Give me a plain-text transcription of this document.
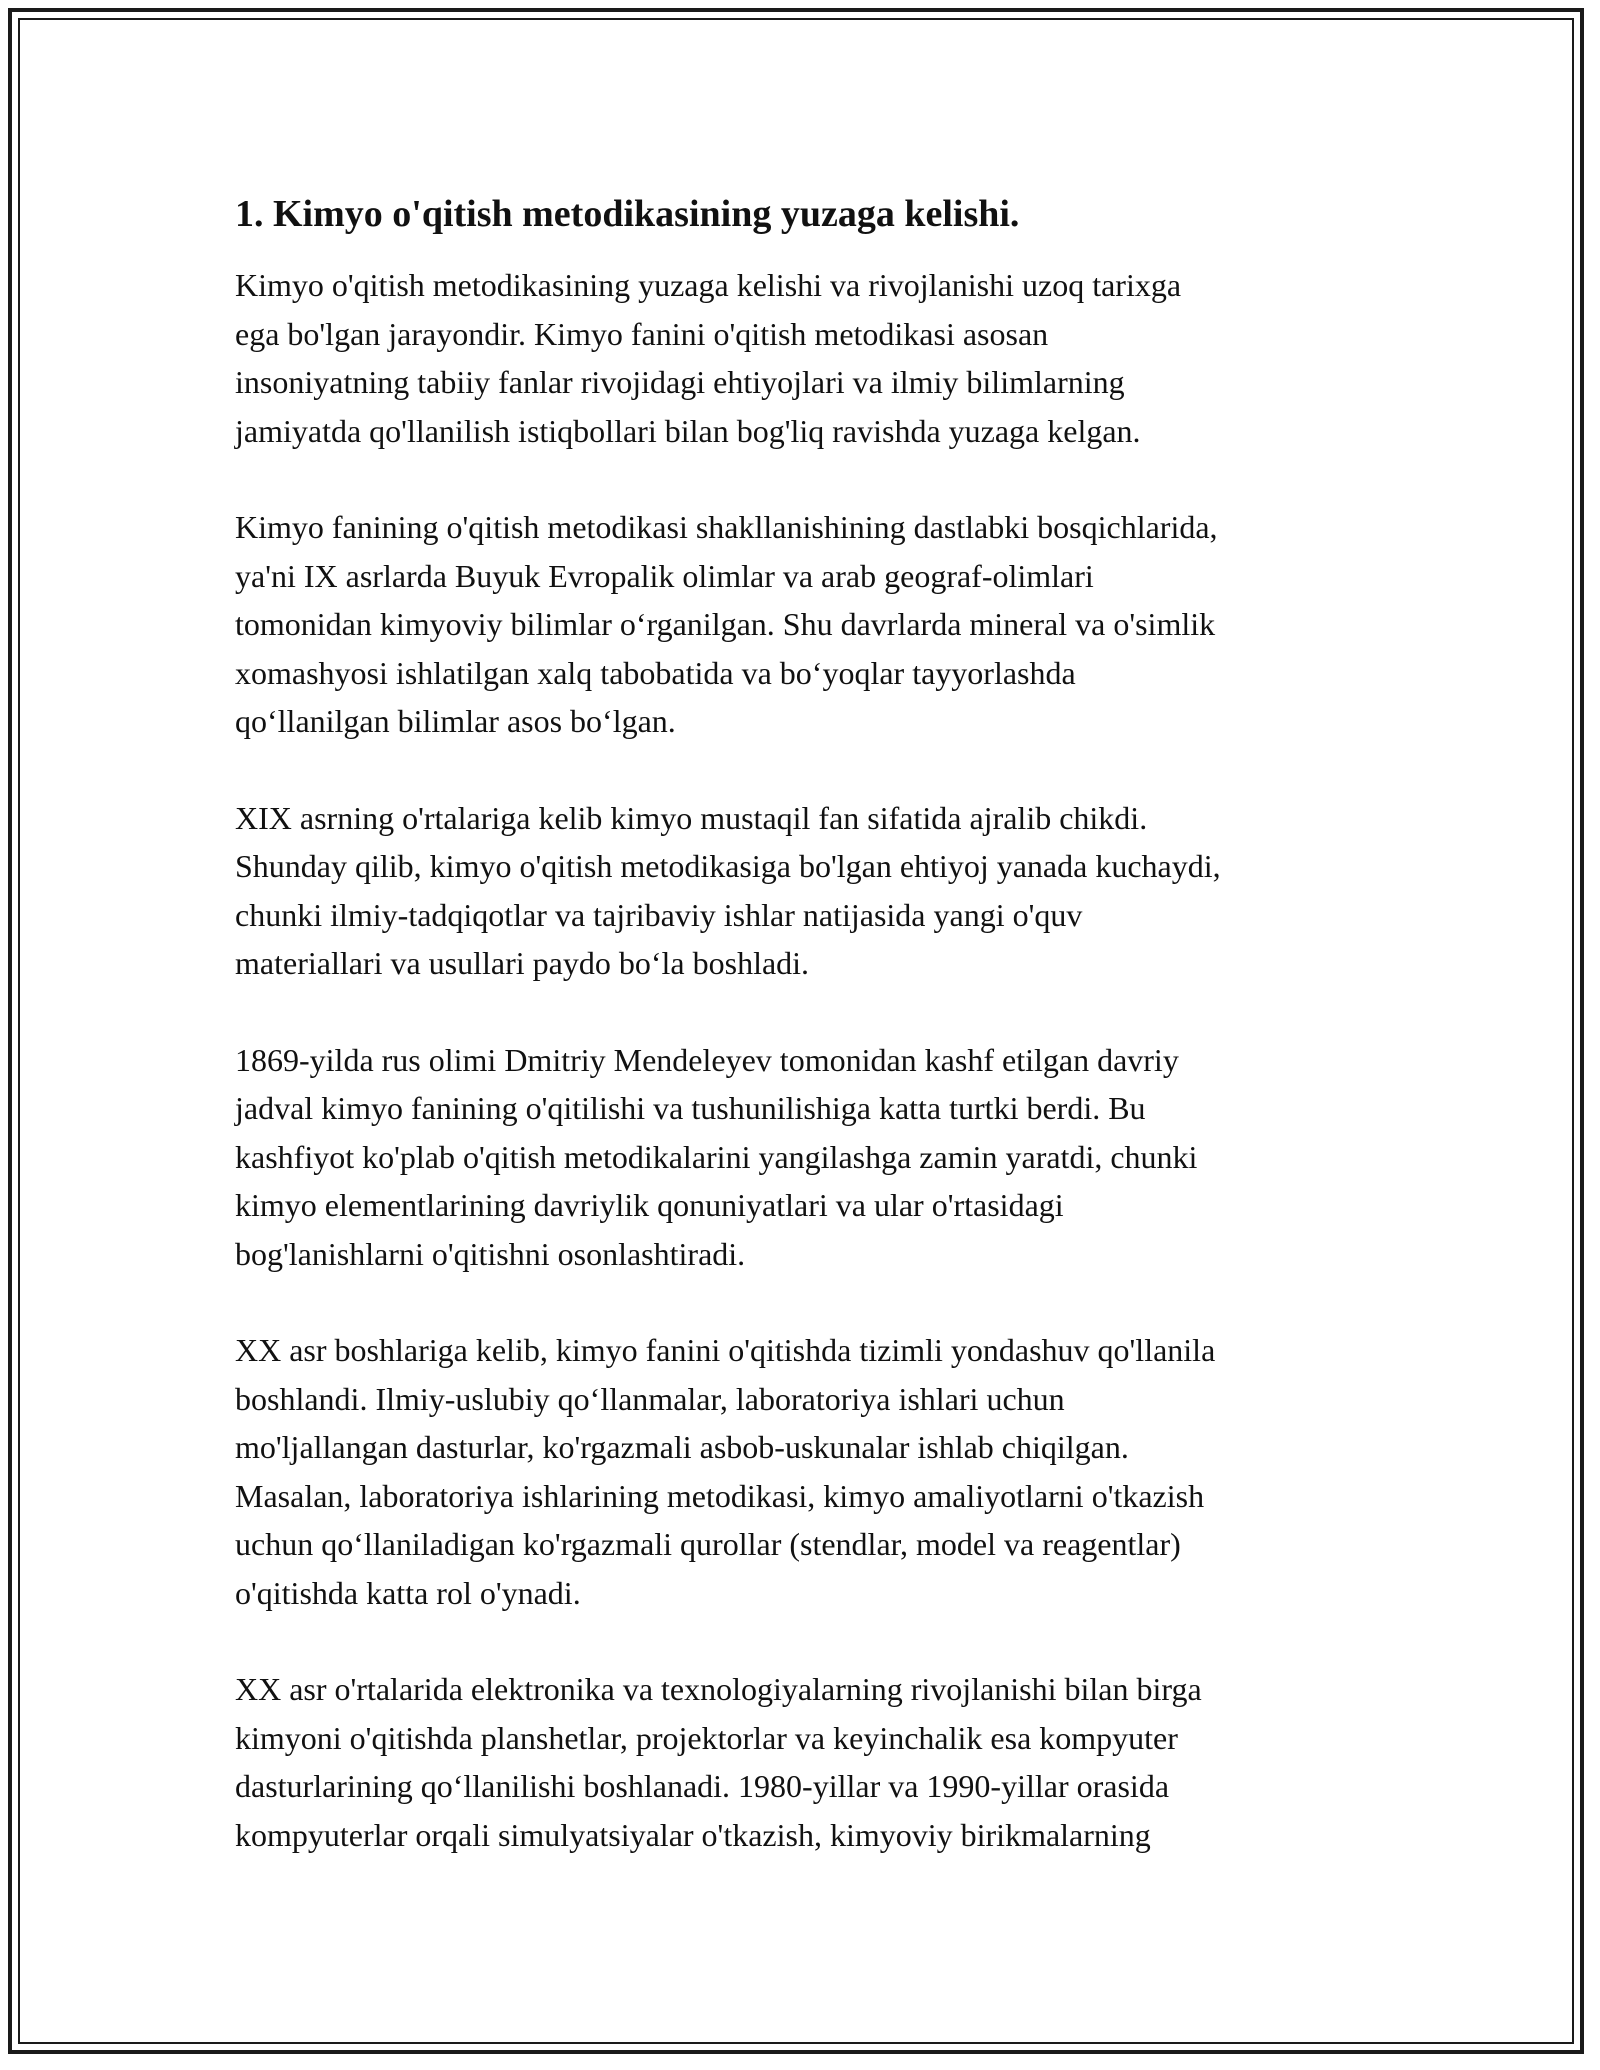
1. Kimyo o'qitish metodikasining yuzaga kelishi.
Kimyo o'qitish metodikasining yuzaga kelishi va rivojlanishi uzoq tarixga
ega bo'lgan jarayondir. Kimyo fanini o'qitish metodikasi asosan
insoniyatning tabiiy fanlar rivojidagi ehtiyojlari va ilmiy bilimlarning
jamiyatda qo'llanilish istiqbollari bilan bog'liq ravishda yuzaga kelgan.
Kimyo fanining o'qitish metodikasi shakllanishining dastlabki bosqichlarida,
ya'ni IX asrlarda Buyuk Evropalik olimlar va arab geograf-olimlari
tomonidan kimyoviy bilimlar o‘rganilgan. Shu davrlarda mineral va o'simlik
xomashyosi ishlatilgan xalq tabobatida va bo‘yoqlar tayyorlashda
qo‘llanilgan bilimlar asos bo‘lgan.
XIX asrning o'rtalariga kelib kimyo mustaqil fan sifatida ajralib chikdi.
Shunday qilib, kimyo o'qitish metodikasiga bo'lgan ehtiyoj yanada kuchaydi,
chunki ilmiy-tadqiqotlar va tajribaviy ishlar natijasida yangi o'quv
materiallari va usullari paydo bo‘la boshladi.
1869-yilda rus olimi Dmitriy Mendeleyev tomonidan kashf etilgan davriy
jadval kimyo fanining o'qitilishi va tushunilishiga katta turtki berdi. Bu
kashfiyot ko'plab o'qitish metodikalarini yangilashga zamin yaratdi, chunki
kimyo elementlarining davriylik qonuniyatlari va ular o'rtasidagi
bog'lanishlarni o'qitishni osonlashtiradi.
XX asr boshlariga kelib, kimyo fanini o'qitishda tizimli yondashuv qo'llanila
boshlandi. Ilmiy-uslubiy qo‘llanmalar, laboratoriya ishlari uchun
mo'ljallangan dasturlar, ko'rgazmali asbob-uskunalar ishlab chiqilgan.
Masalan, laboratoriya ishlarining metodikasi, kimyo amaliyotlarni o'tkazish
uchun qo‘llaniladigan ko'rgazmali qurollar (stendlar, model va reagentlar)
o'qitishda katta rol o'ynadi.
XX asr o'rtalarida elektronika va texnologiyalarning rivojlanishi bilan birga
kimyoni o'qitishda planshetlar, projektorlar va keyinchalik esa kompyuter
dasturlarining qo‘llanilishi boshlanadi. 1980-yillar va 1990-yillar orasida
kompyuterlar orqali simulyatsiyalar o'tkazish, kimyoviy birikmalarning
